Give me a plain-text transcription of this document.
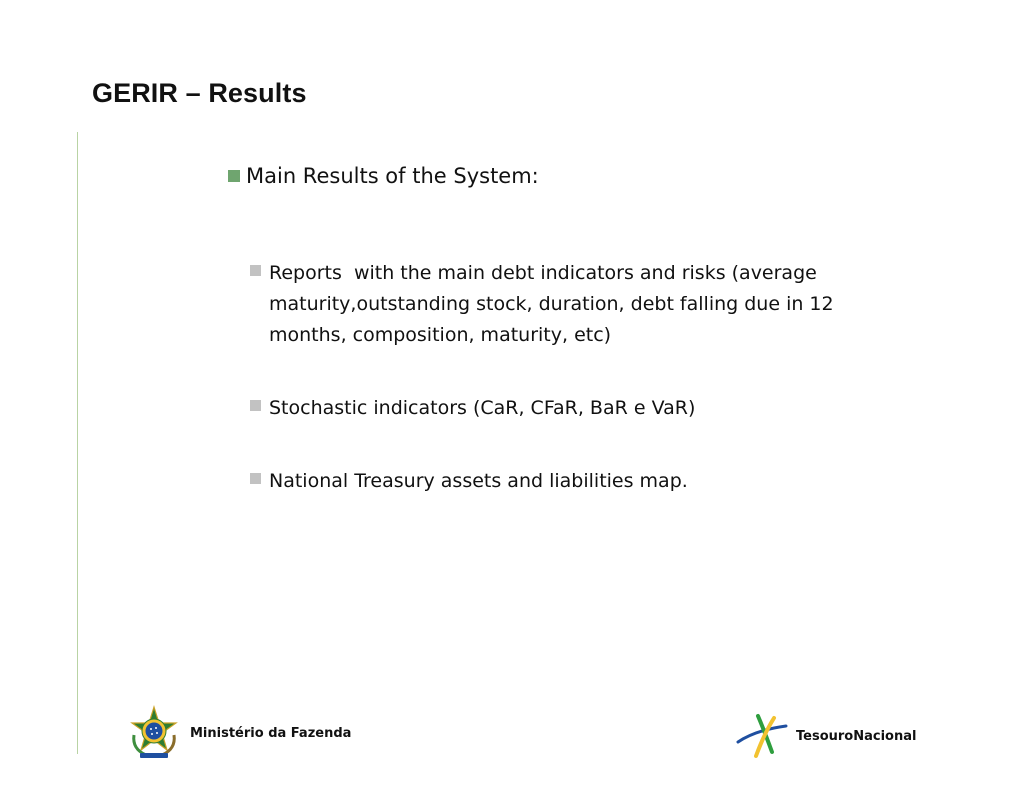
GERIR – Results
Main Results of the System:
Reports  with the main debt indicators and risks (average maturity,outstanding stock, duration, debt falling due in 12 months, composition, maturity, etc)
Stochastic indicators (CaR, CFaR, BaR e VaR)
National Treasury assets and liabilities map.
Ministério da Fazenda	TesouroNacional
